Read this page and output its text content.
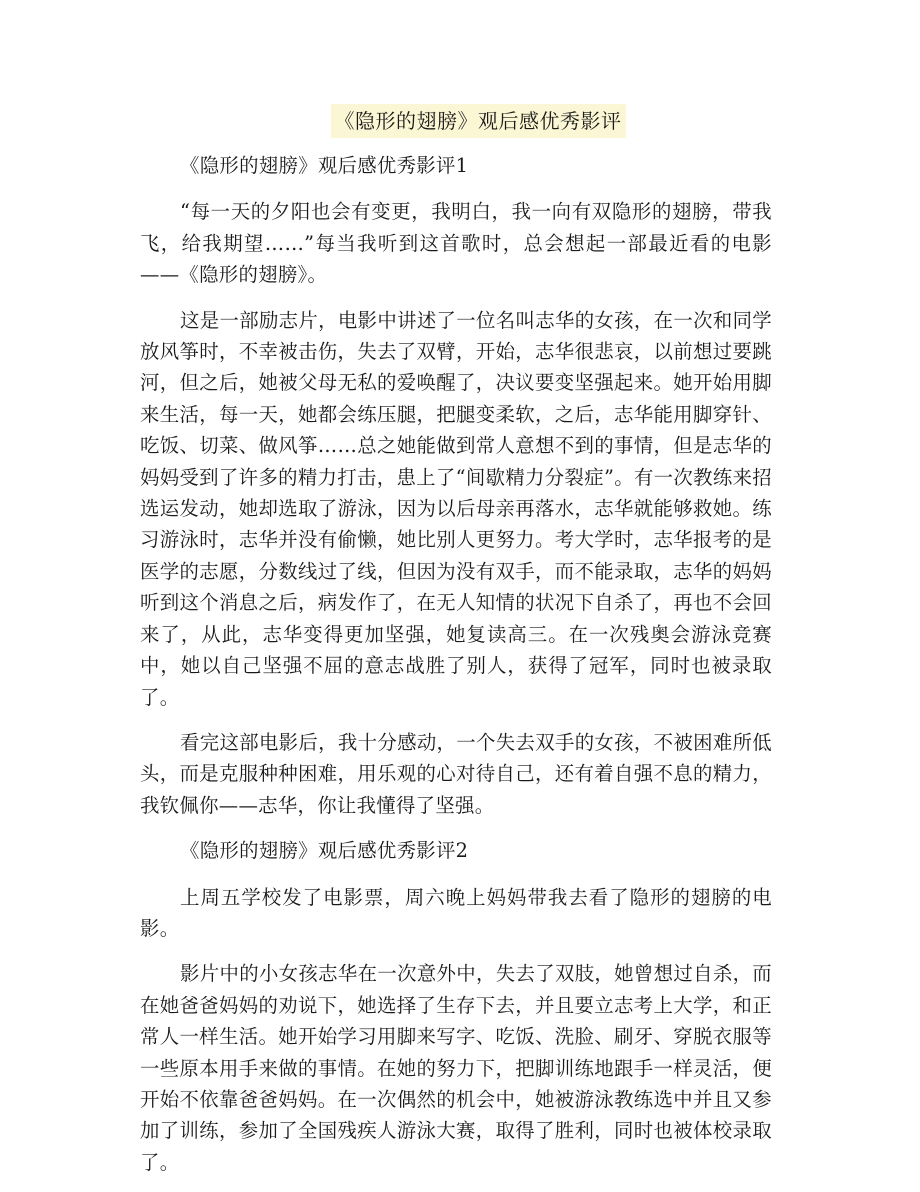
《隐形的翅膀》观后感优秀影评

《隐形的翅膀》观后感优秀影评1

“每一天的夕阳也会有变更，我明白，我一向有双隐形的翅膀，带我飞，给我期望……”每当我听到这首歌时，总会想起一部最近看的电影——《隐形的翅膀》。

这是一部励志片，电影中讲述了一位名叫志华的女孩，在一次和同学放风筝时，不幸被击伤，失去了双臂，开始，志华很悲哀，以前想过要跳河，但之后，她被父母无私的爱唤醒了，决议要变坚强起来。她开始用脚来生活，每一天，她都会练压腿，把腿变柔软，之后，志华能用脚穿针、吃饭、切菜、做风筝……总之她能做到常人意想不到的事情，但是志华的妈妈受到了许多的精力打击，患上了“间歇精力分裂症”。有一次教练来招选运发动，她却选取了游泳，因为以后母亲再落水，志华就能够救她。练习游泳时，志华并没有偷懒，她比别人更努力。考大学时，志华报考的是医学的志愿，分数线过了线，但因为没有双手，而不能录取，志华的妈妈听到这个消息之后，病发作了，在无人知情的状况下自杀了，再也不会回来了，从此，志华变得更加坚强，她复读高三。在一次残奥会游泳竞赛中，她以自己坚强不屈的意志战胜了别人，获得了冠军，同时也被录取了。

看完这部电影后，我十分感动，一个失去双手的女孩，不被困难所低头，而是克服种种困难，用乐观的心对待自己，还有着自强不息的精力，我钦佩你——志华，你让我懂得了坚强。

《隐形的翅膀》观后感优秀影评2

上周五学校发了电影票，周六晚上妈妈带我去看了隐形的翅膀的电影。

影片中的小女孩志华在一次意外中，失去了双肢，她曾想过自杀，而在她爸爸妈妈的劝说下，她选择了生存下去，并且要立志考上大学，和正常人一样生活。她开始学习用脚来写字、吃饭、洗脸、刷牙、穿脱衣服等一些原本用手来做的事情。在她的努力下，把脚训练地跟手一样灵活，便开始不依靠爸爸妈妈。在一次偶然的机会中，她被游泳教练选中并且又参加了训练，参加了全国残疾人游泳大赛，取得了胜利，同时也被体校录取了。
